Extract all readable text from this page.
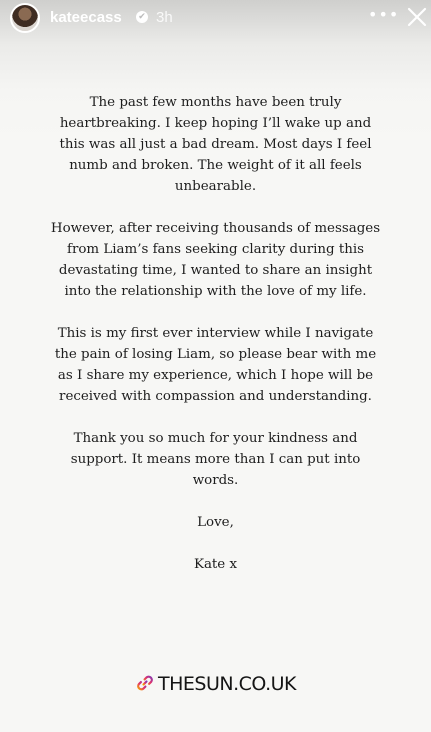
kateecass ✔ 3h	•••

The past few months have been truly heartbreaking. I keep hoping I’ll wake up and this was all just a bad dream. Most days I feel numb and broken. The weight of it all feels unbearable.

However, after receiving thousands of messages from Liam’s fans seeking clarity during this devastating time, I wanted to share an insight into the relationship with the love of my life.

This is my first ever interview while I navigate the pain of losing Liam, so please bear with me as I share my experience, which I hope will be received with compassion and understanding.

Thank you so much for your kindness and support. It means more than I can put into words.

Love,

Kate x

THESUN.CO.UK
